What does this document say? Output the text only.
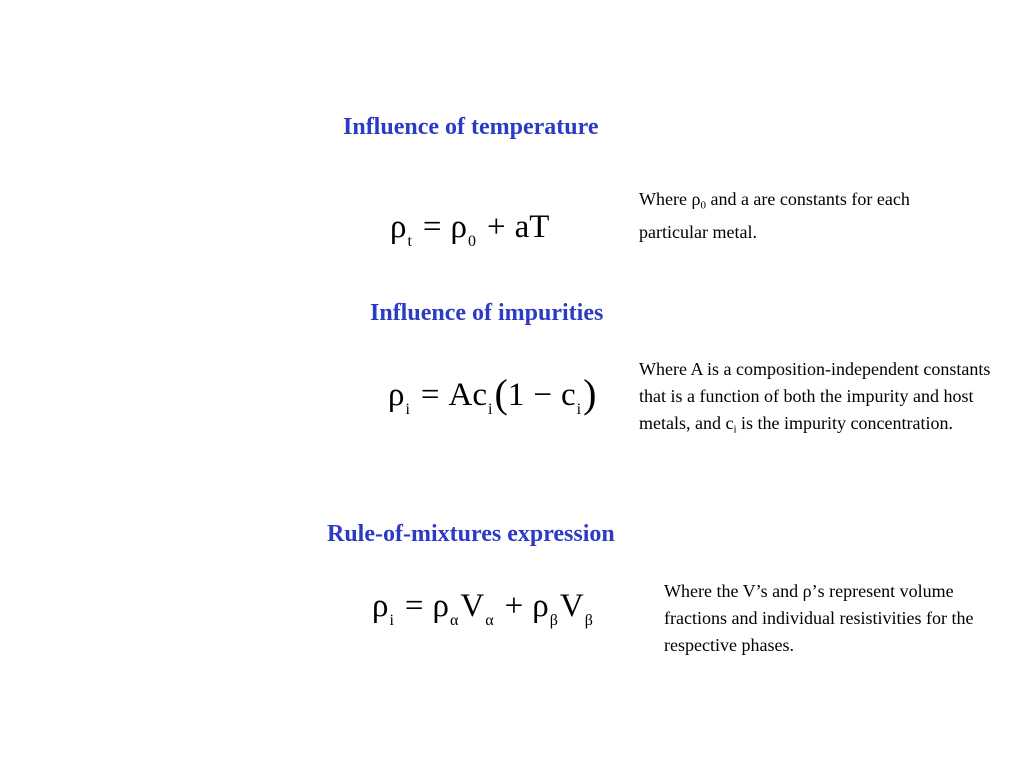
Influence of temperature
ρt = ρ0 + aT

Where ρ0 and a are constants for each particular metal.

Influence of impurities
ρi = Aci(1 − ci)

Where A is a composition-independent constants that is a function of both the impurity and host metals, and ci is the impurity concentration.

Rule-of-mixtures expression
ρi = ραVα + ρβVβ

Where the V’s and ρ’s represent volume fractions and individual resistivities for the respective phases.
